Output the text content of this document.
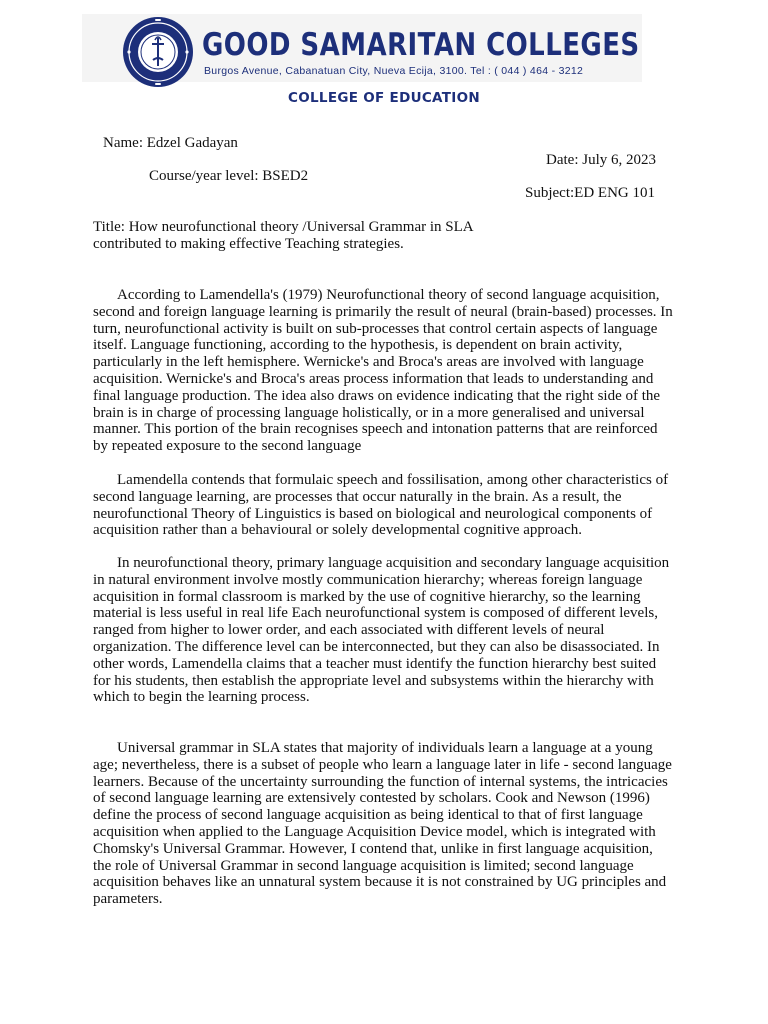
GOOD SAMARITAN COLLEGES
Burgos Avenue, Cabanatuan City, Nueva Ecija, 3100. Tel : ( 044 ) 464 - 3212
COLLEGE OF EDUCATION
Name: Edzel Gadayan
Date: July 6, 2023
Course/year level: BSED2
Subject:ED ENG 101
Title: How neurofunctional theory /Universal Grammar in SLA contributed to making effective Teaching strategies.

According to Lamendella's (1979) Neurofunctional theory of second language acquisition, second and foreign language learning is primarily the result of neural (brain-based) processes. In turn, neurofunctional activity is built on sub-processes that control certain aspects of language itself. Language functioning, according to the hypothesis, is dependent on brain activity, particularly in the left hemisphere. Wernicke's and Broca's areas are involved with language acquisition. Wernicke's and Broca's areas process information that leads to understanding and final language production. The idea also draws on evidence indicating that the right side of the brain is in charge of processing language holistically, or in a more generalised and universal manner. This portion of the brain recognises speech and intonation patterns that are reinforced by repeated exposure to the second language

Lamendella contends that formulaic speech and fossilisation, among other characteristics of second language learning, are processes that occur naturally in the brain. As a result, the neurofunctional Theory of Linguistics is based on biological and neurological components of acquisition rather than a behavioural or solely developmental cognitive approach.

In neurofunctional theory, primary language acquisition and secondary language acquisition in natural environment involve mostly communication hierarchy; whereas foreign language acquisition in formal classroom is marked by the use of cognitive hierarchy, so the learning material is less useful in real life Each neurofunctional system is composed of different levels, ranged from higher to lower order, and each associated with different levels of neural organization. The difference level can be interconnected, but they can also be disassociated. In other words, Lamendella claims that a teacher must identify the function hierarchy best suited for his students, then establish the appropriate level and subsystems within the hierarchy with which to begin the learning process.

Universal grammar in SLA states that majority of individuals learn a language at a young age; nevertheless, there is a subset of people who learn a language later in life - second language learners. Because of the uncertainty surrounding the function of internal systems, the intricacies of second language learning are extensively contested by scholars. Cook and Newson (1996) define the process of second language acquisition as being identical to that of first language acquisition when applied to the Language Acquisition Device model, which is integrated with Chomsky's Universal Grammar. However, I contend that, unlike in first language acquisition, the role of Universal Grammar in second language acquisition is limited; second language acquisition behaves like an unnatural system because it is not constrained by UG principles and parameters.
